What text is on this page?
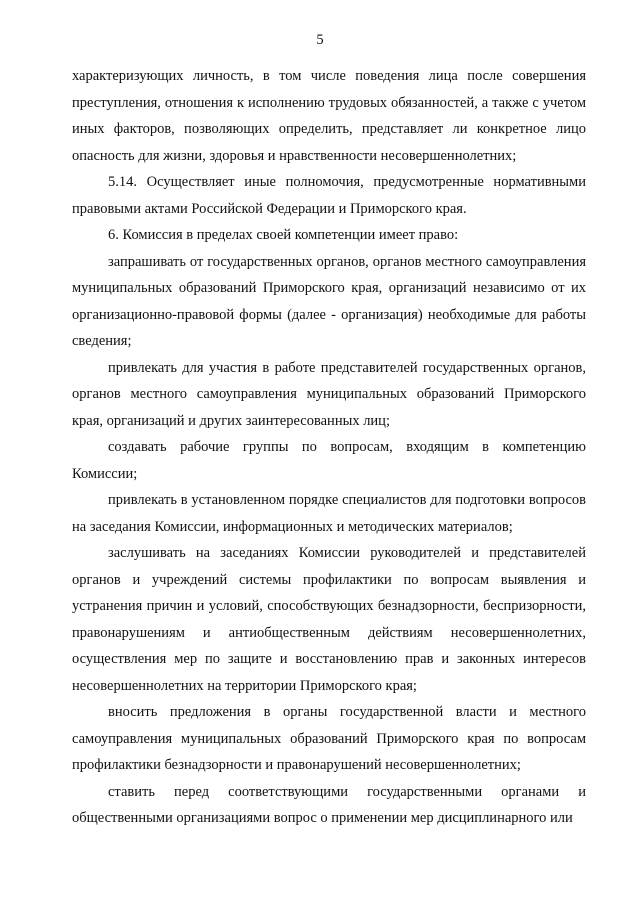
5

характеризующих личность, в том числе поведения лица после совершения преступления, отношения к исполнению трудовых обязанностей, а также с учетом иных факторов, позволяющих определить, представляет ли конкретное лицо опасность для жизни, здоровья и нравственности несовершеннолетних;

5.14. Осуществляет иные полномочия, предусмотренные нормативными правовыми актами Российской Федерации и Приморского края.

6. Комиссия в пределах своей компетенции имеет право:

запрашивать от государственных органов, органов местного самоуправления муниципальных образований Приморского края, организаций независимо от их организационно-правовой формы (далее - организация) необходимые для работы сведения;

привлекать для участия в работе представителей государственных органов, органов местного самоуправления муниципальных образований Приморского края, организаций и других заинтересованных лиц;

создавать рабочие группы по вопросам, входящим в компетенцию Комиссии;

привлекать в установленном порядке специалистов для подготовки вопросов на заседания Комиссии, информационных и методических материалов;

заслушивать на заседаниях Комиссии руководителей и представителей органов и учреждений системы профилактики по вопросам выявления и устранения причин и условий, способствующих безнадзорности, беспризорности, правонарушениям и антиобщественным действиям несовершеннолетних, осуществления мер по защите и восстановлению прав и законных интересов несовершеннолетних на территории Приморского края;

вносить предложения в органы государственной власти и местного самоуправления муниципальных образований Приморского края по вопросам профилактики безнадзорности и правонарушений несовершеннолетних;

ставить перед соответствующими государственными органами и общественными организациями вопрос о применении мер дисциплинарного или
